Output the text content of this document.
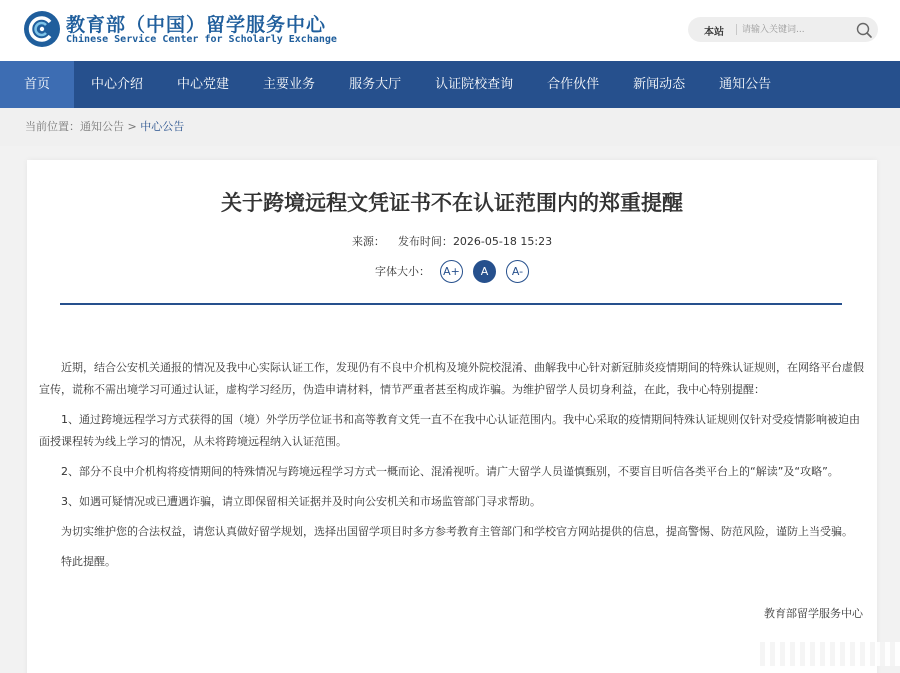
教育部（中国）留学服务中心
Chinese Service Center for Scholarly Exchange
本站
请输入关键词...
首页	中心介绍	中心党建	主要业务	服务大厅	认证院校查询	合作伙伴	新闻动态	通知公告
当前位置：通知公告 > 中心公告
关于跨境远程文凭证书不在认证范围内的郑重提醒
来源： 发布时间：2026-05-18 15:23
字体大小： A+	A	A-

近期，结合公安机关通报的情况及我中心实际认证工作，发现仍有不良中介机构及境外院校混淆、曲解我中心针对新冠肺炎疫情期间的特殊认证规则，在网络平台虚假宣传，谎称不需出境学习可通过认证，虚构学习经历，伪造申请材料，情节严重者甚至构成诈骗。为维护留学人员切身利益，在此，我中心特别提醒：

1、通过跨境远程学习方式获得的国（境）外学历学位证书和高等教育文凭一直不在我中心认证范围内。我中心采取的疫情期间特殊认证规则仅针对受疫情影响被迫由面授课程转为线上学习的情况，从未将跨境远程纳入认证范围。

2、部分不良中介机构将疫情期间的特殊情况与跨境远程学习方式一概而论、混淆视听。请广大留学人员谨慎甄别，不要盲目听信各类平台上的“解读”及“攻略”。

3、如遇可疑情况或已遭遇诈骗，请立即保留相关证据并及时向公安机关和市场监管部门寻求帮助。

为切实维护您的合法权益，请您认真做好留学规划，选择出国留学项目时多方参考教育主管部门和学校官方网站提供的信息，提高警惕、防范风险，谨防上当受骗。

特此提醒。

教育部留学服务中心
